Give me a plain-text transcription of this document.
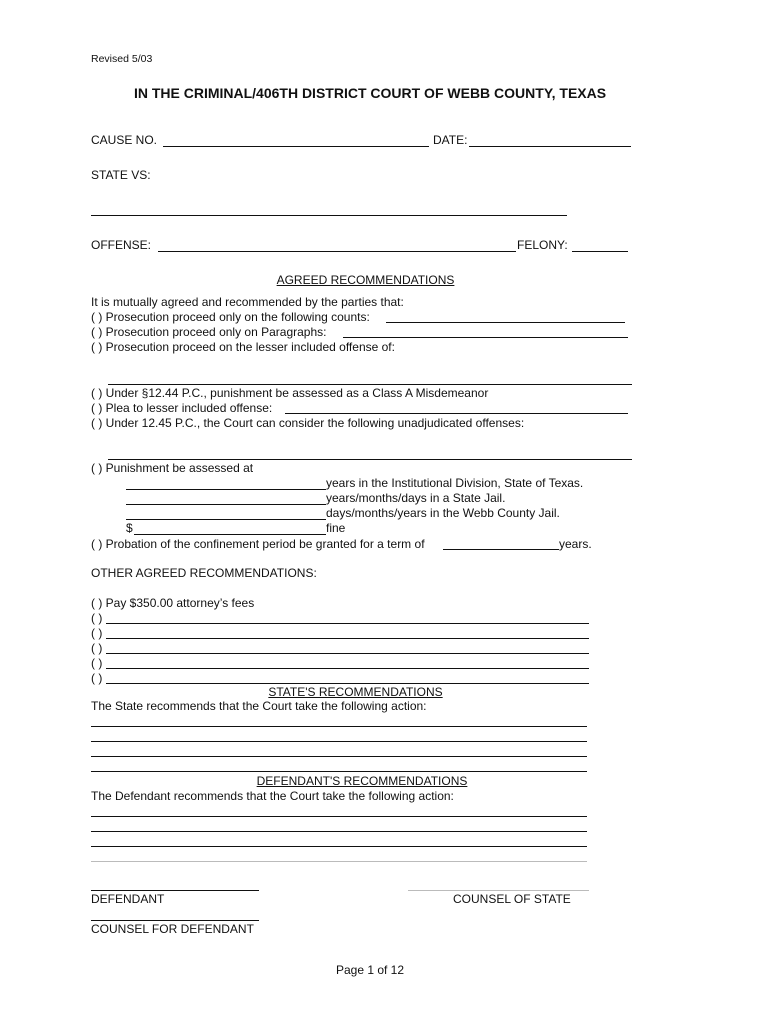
Revised 5/03
IN THE CRIMINAL/406TH DISTRICT COURT OF WEBB COUNTY, TEXAS
CAUSE NO.	DATE:
STATE VS:
OFFENSE:	FELONY:
AGREED RECOMMENDATIONS
It is mutually agreed and recommended by the parties that:
( ) Prosecution proceed only on the following counts:
( ) Prosecution proceed only on Paragraphs:
( ) Prosecution proceed on the lesser included offense of:
( ) Under §12.44 P.C., punishment be assessed as a Class A Misdemeanor
( ) Plea to lesser included offense:
( ) Under 12.45 P.C., the Court can consider the following unadjudicated offenses:
( ) Punishment be assessed at
years in the Institutional Division, State of Texas.
years/months/days in a State Jail.
days/months/years in the Webb County Jail.
$	fine
( ) Probation of the confinement period be granted for a term of	years.
OTHER AGREED RECOMMENDATIONS:
( ) Pay $350.00 attorney’s fees
( )
( )
( )
( )
( )
STATE'S RECOMMENDATIONS
The State recommends that the Court take the following action:
DEFENDANT'S RECOMMENDATIONS
The Defendant recommends that the Court take the following action:
DEFENDANT	COUNSEL OF STATE
COUNSEL FOR DEFENDANT
Page 1 of 12
